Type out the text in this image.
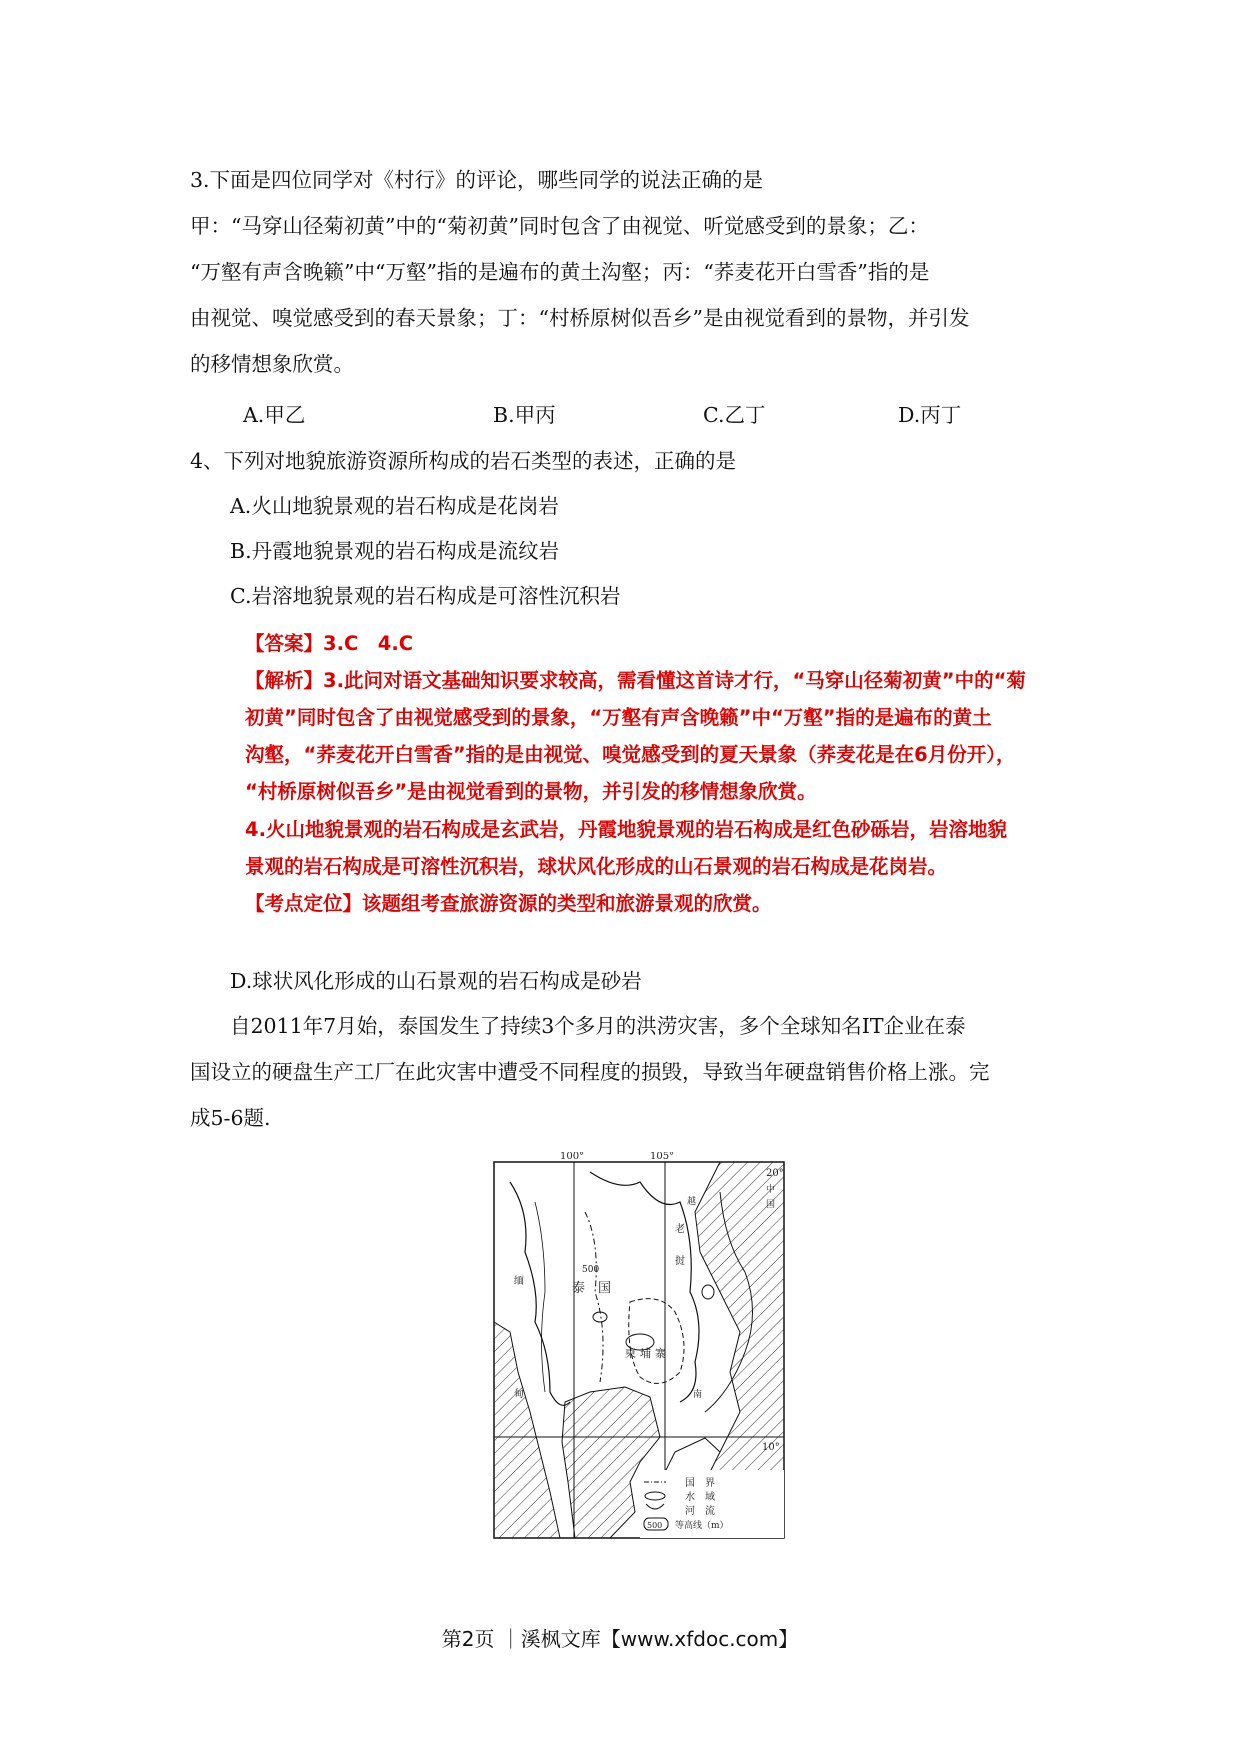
3.下面是四位同学对《村行》的评论，哪些同学的说法正确的是
甲：“马穿山径菊初黄”中的“菊初黄”同时包含了由视觉、听觉感受到的景象；乙：
“万壑有声含晚籁”中“万壑”指的是遍布的黄土沟壑；丙：“荞麦花开白雪香”指的是
由视觉、嗅觉感受到的春天景象；丁：“村桥原树似吾乡”是由视觉看到的景物，并引发
的移情想象欣赏。
A.甲乙	B.甲丙	C.乙丁	D.丙丁
4、下列对地貌旅游资源所构成的岩石类型的表述，正确的是
A.火山地貌景观的岩石构成是花岗岩
B.丹霞地貌景观的岩石构成是流纹岩
C.岩溶地貌景观的岩石构成是可溶性沉积岩
【答案】3.C　4.C
【解析】3.此问对语文基础知识要求较高，需看懂这首诗才行，“马穿山径菊初黄”中的“菊
初黄”同时包含了由视觉感受到的景象，“万壑有声含晚籁”中“万壑”指的是遍布的黄土
沟壑，“荞麦花开白雪香”指的是由视觉、嗅觉感受到的夏天景象（荞麦花是在6月份开），
“村桥原树似吾乡”是由视觉看到的景物，并引发的移情想象欣赏。
4.火山地貌景观的岩石构成是玄武岩，丹霞地貌景观的岩石构成是红色砂砾岩，岩溶地貌
景观的岩石构成是可溶性沉积岩，球状风化形成的山石景观的岩石构成是花岗岩。
【考点定位】该题组考查旅游资源的类型和旅游景观的欣赏。
D.球状风化形成的山石景观的岩石构成是砂岩
自2011年7月始，泰国发生了持续3个多月的洪涝灾害，多个全球知名IT企业在泰
国设立的硬盘生产工厂在此灾害中遭受不同程度的损毁，导致当年硬盘销售价格上涨。完
成5-6题.
100°	105°
20°
10°
500
泰　国
柬 埔 寨
缅
甸
老
挝
越
南
中
国
500
国　界
水　域
河　流
等高线（m）
第2页 ｜溪枫文库【www.xfdoc.com】
